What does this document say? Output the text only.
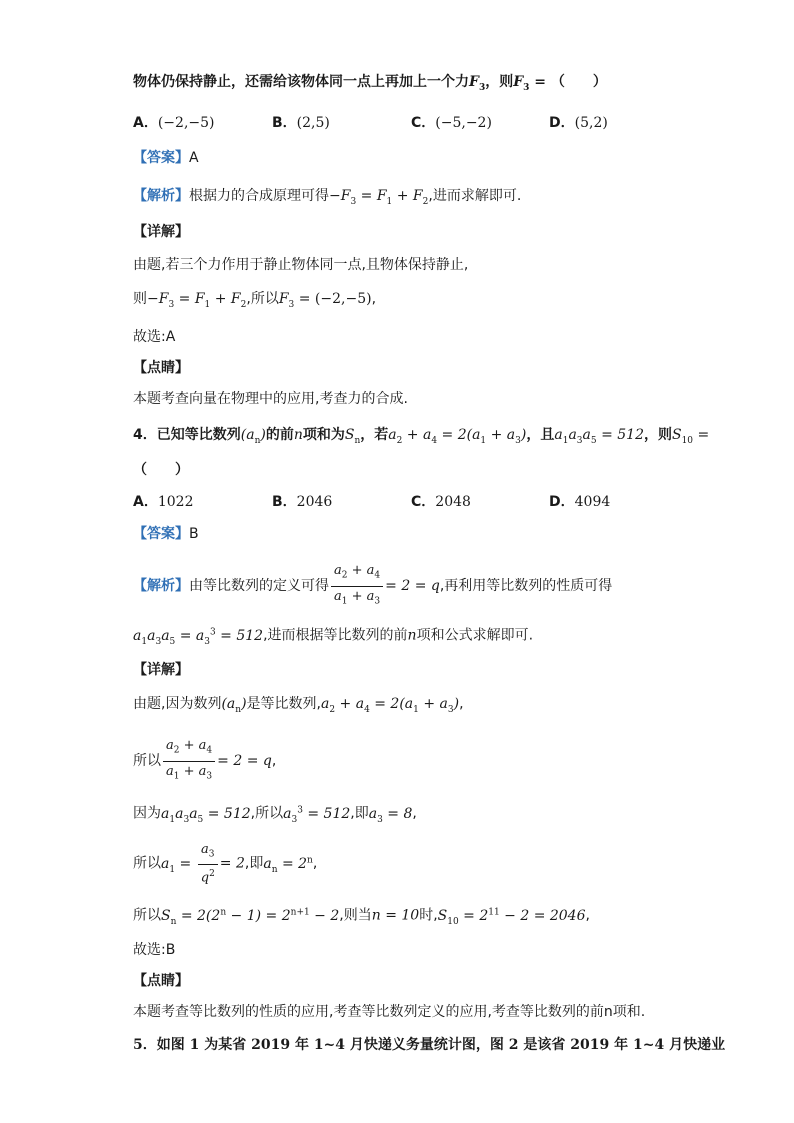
物体仍保持静止，还需给该物体同一点上再加上一个力$F_3$，则$F_3$ = （　　）
A．(−2,−5)	B．(2,5)	C．(−5,−2)	D．(5,2)
【答案】A
【解析】根据力的合成原理可得$-F_3 = F_1 + F_2$,进而求解即可.
【详解】
由题,若三个力作用于静止物体同一点,且物体保持静止,
则$-F_3 = F_1 + F_2$,所以$F_3 = (-2,-5)$,
故选:A
【点睛】
本题考查向量在物理中的应用,考查力的合成.
4．已知等比数列$(a_n)$的前n项和为$S_n$，若$a_2 + a_4 = 2(a_1 + a_3)$，且$a_1a_3a_5 = 512$，则$S_{10}$ =
（　　）
A．1022	B．2046	C．2048	D．4094
【答案】B
【解析】由等比数列的定义可得 $\frac{a_2 + a_4}{a_1 + a_3} = 2 = q$,再利用等比数列的性质可得
$a_1a_3a_5 = a_3^3 = 512$,进而根据等比数列的前n项和公式求解即可.
【详解】
由题,因为数列$(a_n)$是等比数列$,a_2 + a_4 = 2(a_1 + a_3)$,
所以 $\frac{a_2 + a_4}{a_1 + a_3} = 2 = q$,
因为$a_1a_3a_5 = 512$,所以$a_3^3 = 512$,即$a_3 = 8$,
所以$a_1 = \frac{a_3}{q^2} = 2$,即$a_n = 2^n$,
所以$S_n = 2(2^n - 1) = 2^{n+1} - 2$,则当n = 10时$,S_{10} = 2^{11} - 2 = 2046$,
故选:B
【点睛】
本题考查等比数列的性质的应用,考查等比数列定义的应用,考查等比数列的前n项和.
5．如图 1 为某省 2019 年 1~4 月快递义务量统计图，图 2 是该省 2019 年 1~4 月快递业
